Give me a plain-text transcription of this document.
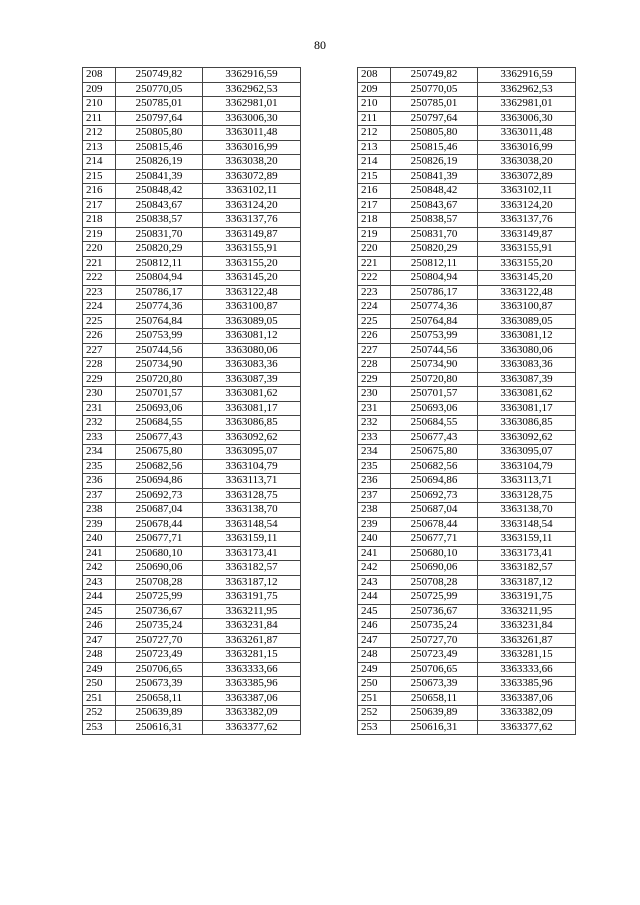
80
208	250749,82	3362916,59
209	250770,05	3362962,53
210	250785,01	3362981,01
211	250797,64	3363006,30
212	250805,80	3363011,48
213	250815,46	3363016,99
214	250826,19	3363038,20
215	250841,39	3363072,89
216	250848,42	3363102,11
217	250843,67	3363124,20
218	250838,57	3363137,76
219	250831,70	3363149,87
220	250820,29	3363155,91
221	250812,11	3363155,20
222	250804,94	3363145,20
223	250786,17	3363122,48
224	250774,36	3363100,87
225	250764,84	3363089,05
226	250753,99	3363081,12
227	250744,56	3363080,06
228	250734,90	3363083,36
229	250720,80	3363087,39
230	250701,57	3363081,62
231	250693,06	3363081,17
232	250684,55	3363086,85
233	250677,43	3363092,62
234	250675,80	3363095,07
235	250682,56	3363104,79
236	250694,86	3363113,71
237	250692,73	3363128,75
238	250687,04	3363138,70
239	250678,44	3363148,54
240	250677,71	3363159,11
241	250680,10	3363173,41
242	250690,06	3363182,57
243	250708,28	3363187,12
244	250725,99	3363191,75
245	250736,67	3363211,95
246	250735,24	3363231,84
247	250727,70	3363261,87
248	250723,49	3363281,15
249	250706,65	3363333,66
250	250673,39	3363385,96
251	250658,11	3363387,06
252	250639,89	3363382,09
253	250616,31	3363377,62
208	250749,82	3362916,59
209	250770,05	3362962,53
210	250785,01	3362981,01
211	250797,64	3363006,30
212	250805,80	3363011,48
213	250815,46	3363016,99
214	250826,19	3363038,20
215	250841,39	3363072,89
216	250848,42	3363102,11
217	250843,67	3363124,20
218	250838,57	3363137,76
219	250831,70	3363149,87
220	250820,29	3363155,91
221	250812,11	3363155,20
222	250804,94	3363145,20
223	250786,17	3363122,48
224	250774,36	3363100,87
225	250764,84	3363089,05
226	250753,99	3363081,12
227	250744,56	3363080,06
228	250734,90	3363083,36
229	250720,80	3363087,39
230	250701,57	3363081,62
231	250693,06	3363081,17
232	250684,55	3363086,85
233	250677,43	3363092,62
234	250675,80	3363095,07
235	250682,56	3363104,79
236	250694,86	3363113,71
237	250692,73	3363128,75
238	250687,04	3363138,70
239	250678,44	3363148,54
240	250677,71	3363159,11
241	250680,10	3363173,41
242	250690,06	3363182,57
243	250708,28	3363187,12
244	250725,99	3363191,75
245	250736,67	3363211,95
246	250735,24	3363231,84
247	250727,70	3363261,87
248	250723,49	3363281,15
249	250706,65	3363333,66
250	250673,39	3363385,96
251	250658,11	3363387,06
252	250639,89	3363382,09
253	250616,31	3363377,62
